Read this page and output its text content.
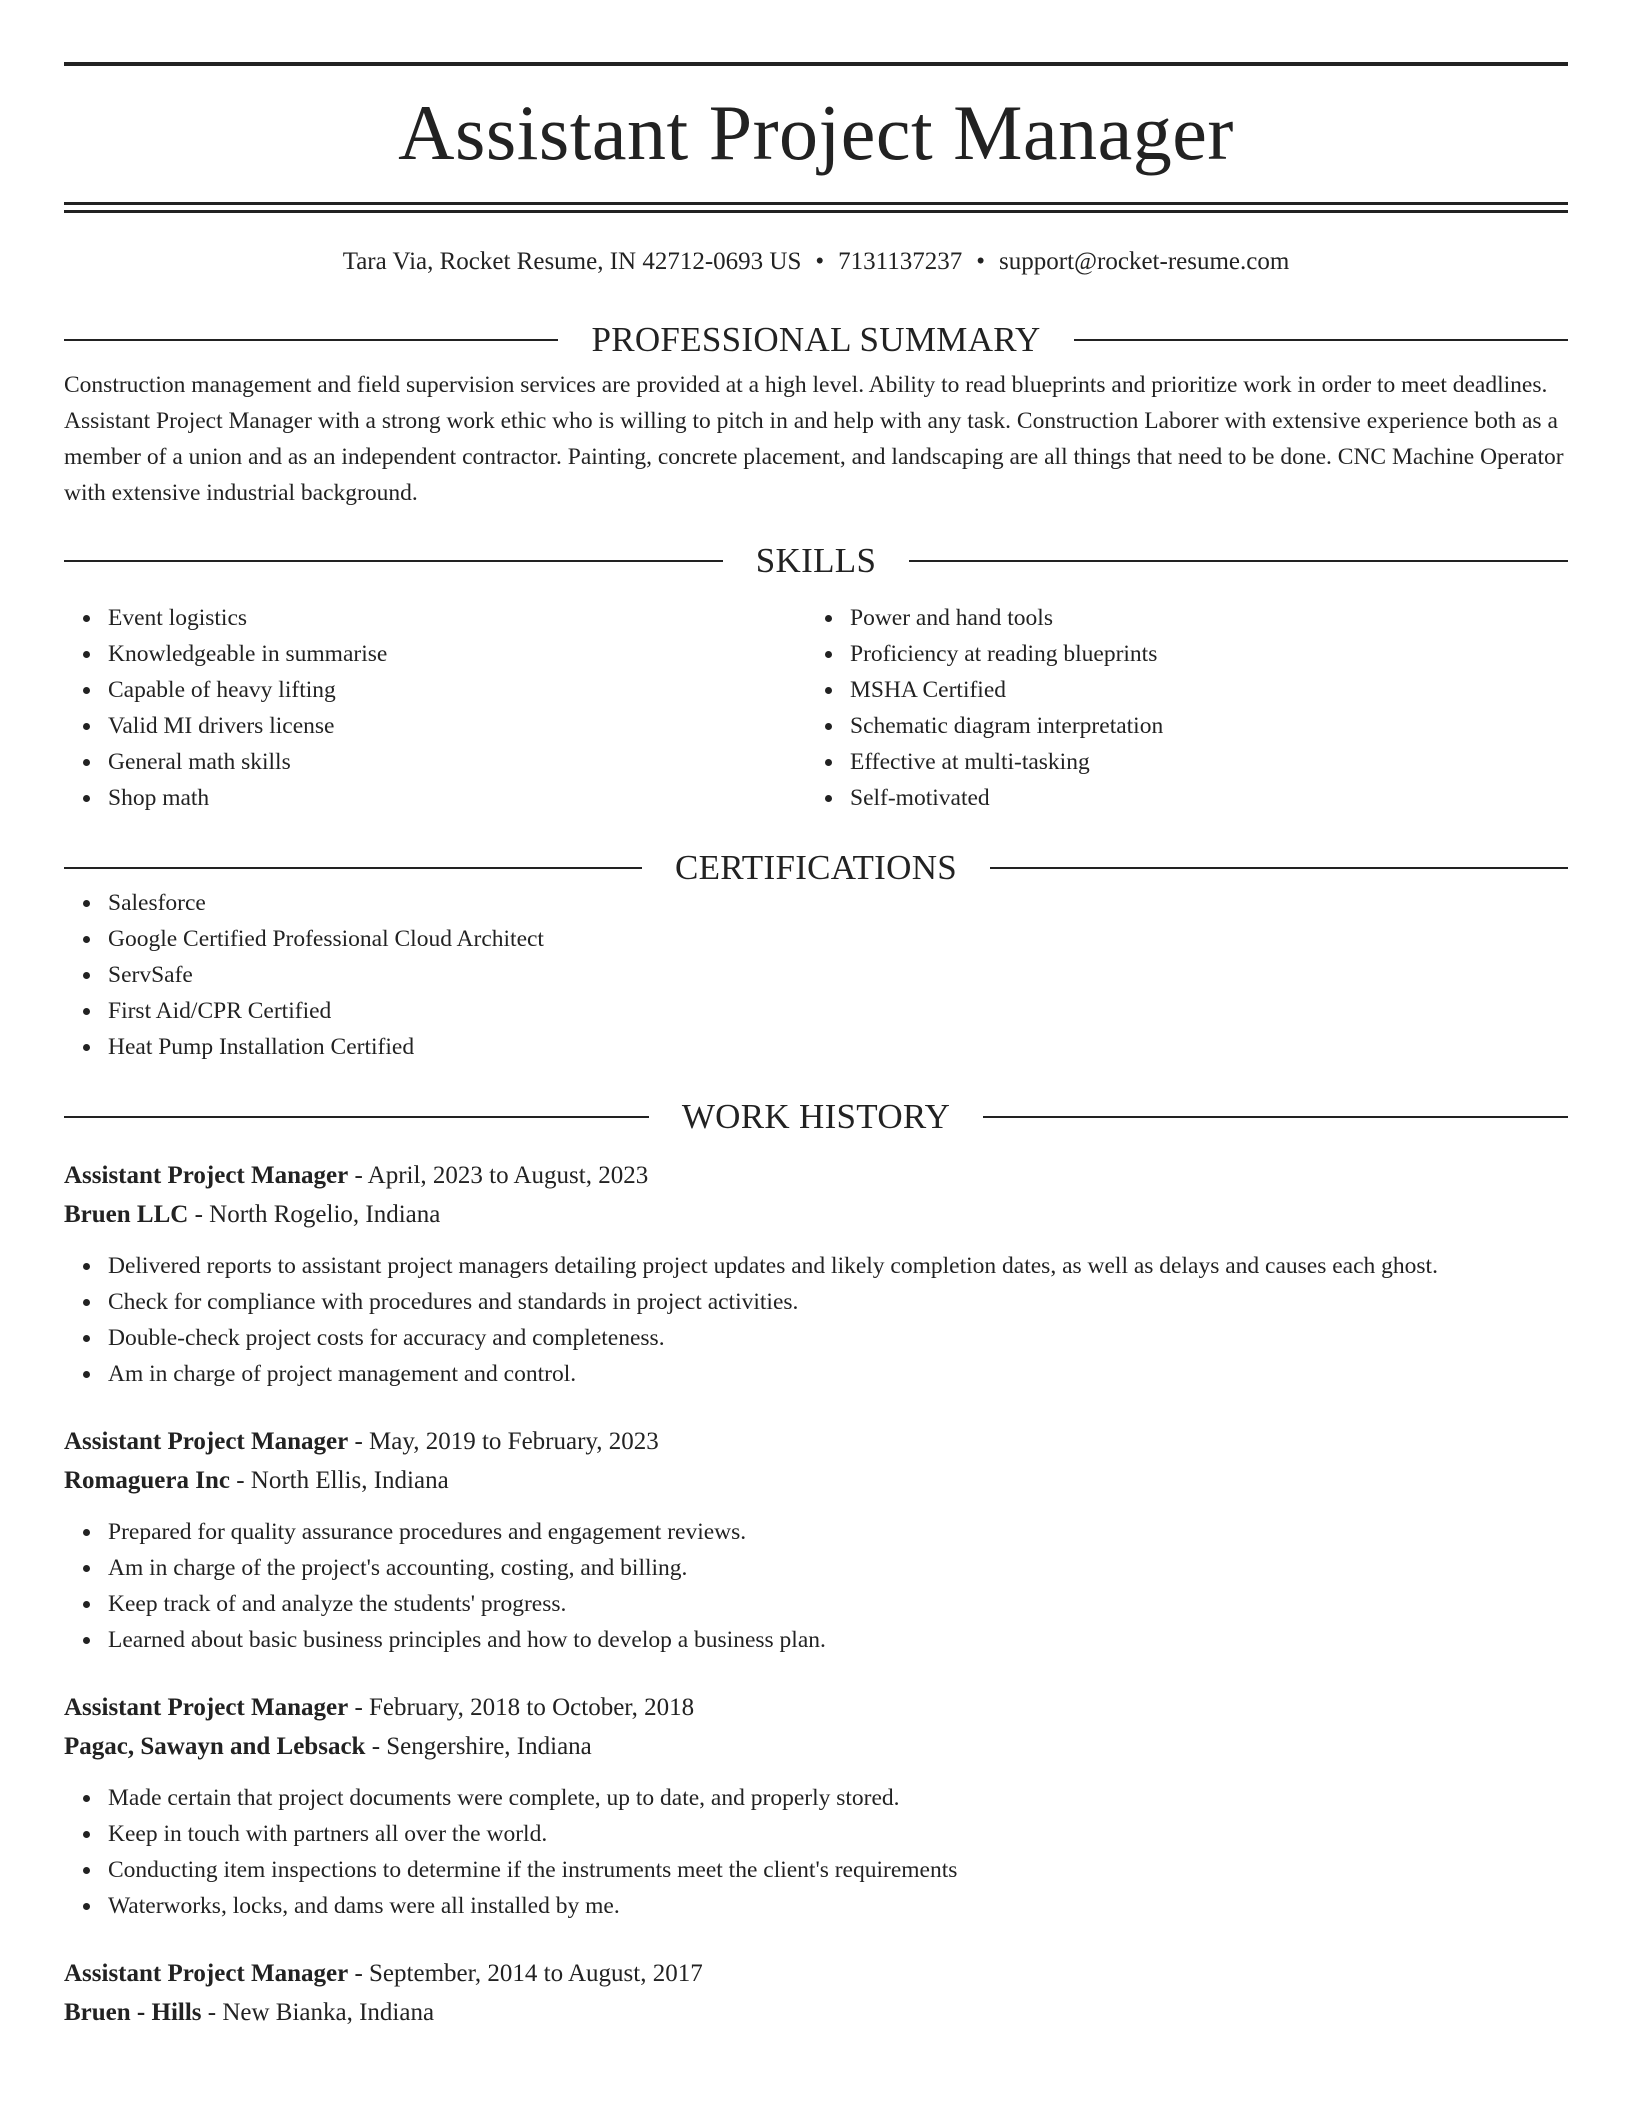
Assistant Project Manager
Tara Via, Rocket Resume, IN 42712-0693 US • 7131137237 • support@rocket-resume.com
PROFESSIONAL SUMMARY
Construction management and field supervision services are provided at a high level. Ability to read blueprints and prioritize work in order to meet deadlines. Assistant Project Manager with a strong work ethic who is willing to pitch in and help with any task. Construction Laborer with extensive experience both as a member of a union and as an independent contractor. Painting, concrete placement, and landscaping are all things that need to be done. CNC Machine Operator with extensive industrial background.
SKILLS
Event logistics
Knowledgeable in summarise
Capable of heavy lifting
Valid MI drivers license
General math skills
Shop math
Power and hand tools
Proficiency at reading blueprints
MSHA Certified
Schematic diagram interpretation
Effective at multi-tasking
Self-motivated
CERTIFICATIONS
Salesforce
Google Certified Professional Cloud Architect
ServSafe
First Aid/CPR Certified
Heat Pump Installation Certified
WORK HISTORY
Assistant Project Manager - April, 2023 to August, 2023
Bruen LLC - North Rogelio, Indiana
Delivered reports to assistant project managers detailing project updates and likely completion dates, as well as delays and causes each ghost.
Check for compliance with procedures and standards in project activities.
Double-check project costs for accuracy and completeness.
Am in charge of project management and control.
Assistant Project Manager - May, 2019 to February, 2023
Romaguera Inc - North Ellis, Indiana
Prepared for quality assurance procedures and engagement reviews.
Am in charge of the project's accounting, costing, and billing.
Keep track of and analyze the students' progress.
Learned about basic business principles and how to develop a business plan.
Assistant Project Manager - February, 2018 to October, 2018
Pagac, Sawayn and Lebsack - Sengershire, Indiana
Made certain that project documents were complete, up to date, and properly stored.
Keep in touch with partners all over the world.
Conducting item inspections to determine if the instruments meet the client's requirements
Waterworks, locks, and dams were all installed by me.
Assistant Project Manager - September, 2014 to August, 2017
Bruen - Hills - New Bianka, Indiana
